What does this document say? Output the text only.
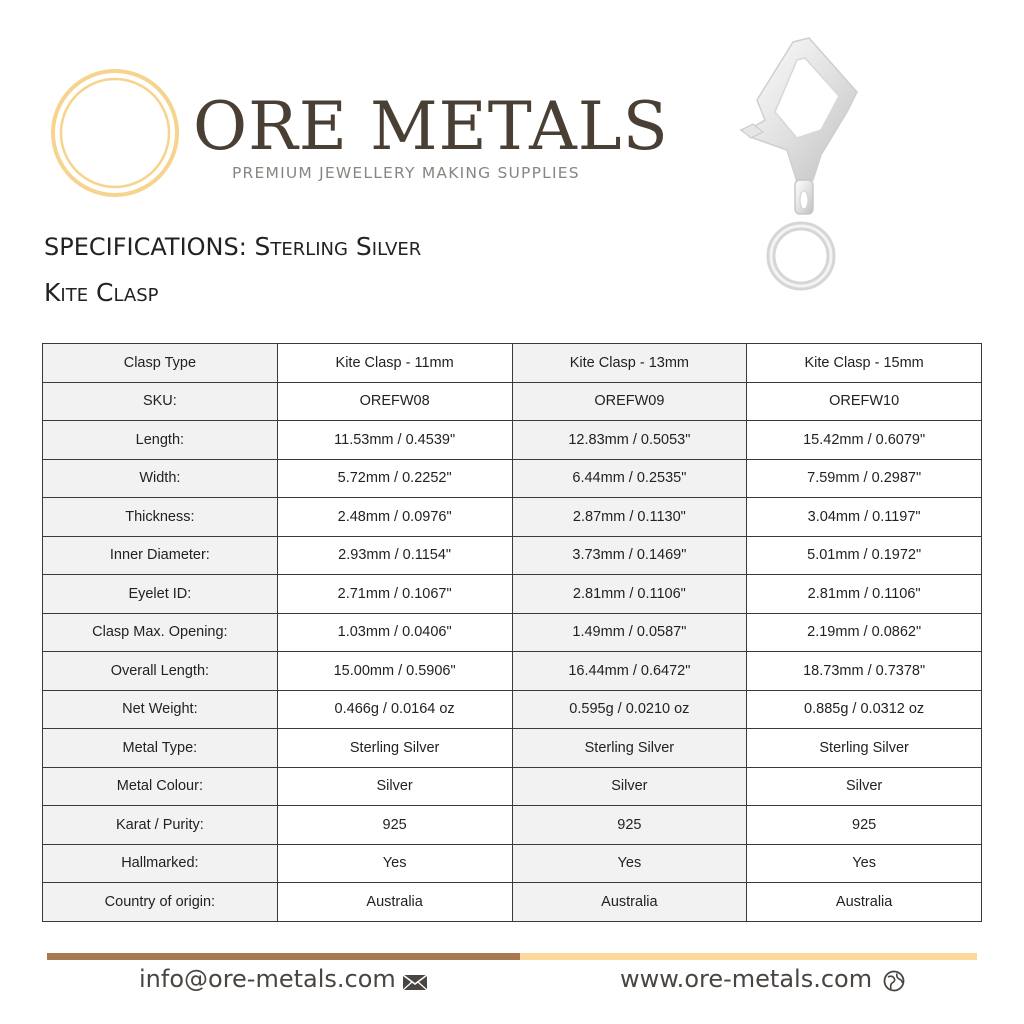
ORE METALS
PREMIUM JEWELLERY MAKING SUPPLIES
SPECIFICATIONS: Sterling Silver
Kite Clasp
Clasp Type	Kite Clasp - 11mm	Kite Clasp - 13mm	Kite Clasp - 15mm
SKU:	OREFW08	OREFW09	OREFW10
Length:	11.53mm / 0.4539"	12.83mm / 0.5053"	15.42mm / 0.6079"
Width:	5.72mm / 0.2252"	6.44mm / 0.2535"	7.59mm / 0.2987"
Thickness:	2.48mm / 0.0976"	2.87mm / 0.1130"	3.04mm / 0.1197"
Inner Diameter:	2.93mm / 0.1154"	3.73mm / 0.1469"	5.01mm / 0.1972"
Eyelet ID:	2.71mm / 0.1067"	2.81mm / 0.1106"	2.81mm / 0.1106"
Clasp Max. Opening:	1.03mm / 0.0406"	1.49mm / 0.0587"	2.19mm / 0.0862"
Overall Length:	15.00mm / 0.5906"	16.44mm / 0.6472"	18.73mm / 0.7378"
Net Weight:	0.466g / 0.0164 oz	0.595g / 0.0210 oz	0.885g / 0.0312 oz
Metal Type:	Sterling Silver	Sterling Silver	Sterling Silver
Metal Colour:	Silver	Silver	Silver
Karat / Purity:	925	925	925
Hallmarked:	Yes	Yes	Yes
Country of origin:	Australia	Australia	Australia
info@ore-metals.com	www.ore-metals.com
